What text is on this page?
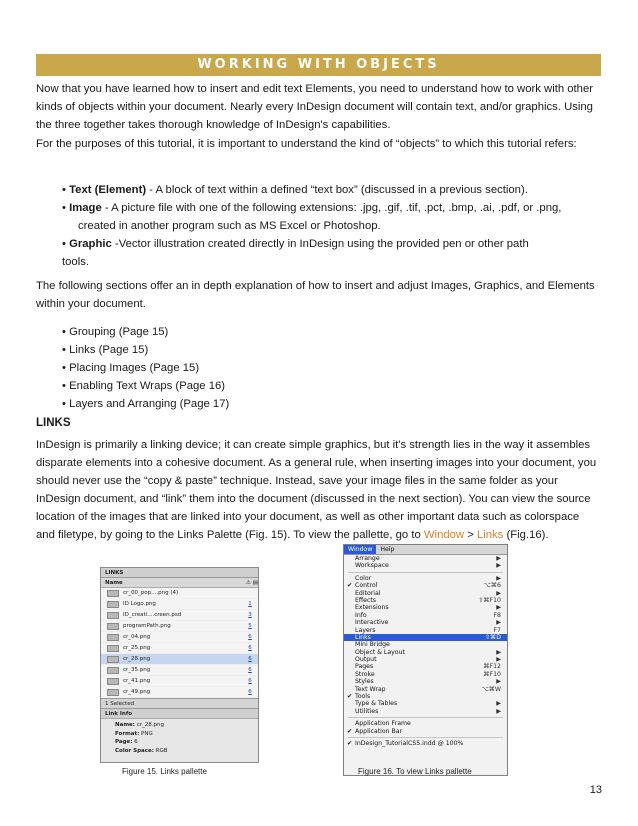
WORKING WITH OBJECTS
Now that you have learned how to insert and edit text Elements, you need to understand how to work with other kinds of objects within your document. Nearly every InDesign document will contain text, and/or graphics. Using the three together takes thorough knowledge of InDesign's capabilities.
For the purposes of this tutorial, it is important to understand the kind of “objects” to which this tutorial refers:
• Text (Element) - A block of text within a defined “text box” (discussed in a previous section).
• Image - A picture file with one of the following extensions: .jpg, .gif, .tif, .pct, .bmp, .ai, .pdf, or .png,
created in another program such as MS Excel or Photoshop.
• Graphic -Vector illustration created directly in InDesign using the provided pen or other path
tools.
The following sections offer an in depth explanation of how to insert and adjust Images, Graphics, and Elements within your document.
• Grouping (Page 15)
• Links (Page 15)
• Placing Images (Page 15)
• Enabling Text Wraps (Page 16)
• Layers and Arranging (Page 17)
LINKS
InDesign is primarily a linking device; it can create simple graphics, but it's strength lies in the way it assembles disparate elements into a cohesive document. As a general rule, when inserting images into your document, you should never use the “copy & paste” technique. Instead, save your image files in the same folder as your InDesign document, and “link” them into the document (discussed in the next section). You can view the source location of the images that are linked into your document, as well as other important data such as colorspace and filetype, by going to the Links Palette (Fig. 15). To view the pallette, go to Window > Links (Fig.16).
LINKS
Name	⚠ ▤
cr_00_pop....png (4)
ID Logo.png	1
ID_creati....creen.psd	3
programPath.png	5
cr_04.png	6
cr_25.png	6
cr_28.png	6
cr_35.png	6
cr_41.png	6
cr_49.png	6
1 Selected
Link Info
Name: cr_28.png
Format: PNG
Page: 6
Color Space: RGB
Window	Help
Arrange	▶
Workspace	▶
Color	▶
✔ Control	⌥⌘6
Editorial	▶
Effects	⇧⌘F10
Extensions	▶
Info	F8
Interactive	▶
Layers	F7
Links	⇧⌘D
Mini Bridge
Object & Layout	▶
Output	▶
Pages	⌘F12
Stroke	⌘F10
Styles	▶
Text Wrap	⌥⌘W
✔ Tools
Type & Tables	▶
Utilities	▶
Application Frame
✔ Application Bar
✔ InDesign_TutorialCS5.indd @ 100%
Figure 15. Links pallette	Figure 16. To view Links pallette
13
